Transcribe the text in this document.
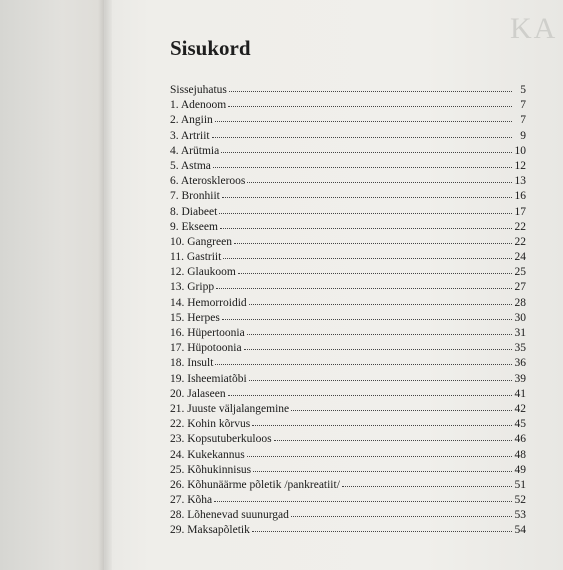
KA
Sisukord
Sissejuhatus	5
1. Adenoom	7
2. Angiin	7
3. Artriit	9
4. Arütmia	10
5. Astma	12
6. Ateroskleroos	13
7. Bronhiit	16
8. Diabeet	17
9. Ekseem	22
10. Gangreen	22
11. Gastriit	24
12. Glaukoom	25
13. Gripp	27
14. Hemorroidid	28
15. Herpes	30
16. Hüpertoonia	31
17. Hüpotoonia	35
18. Insult	36
19. Isheemiatõbi	39
20. Jalaseen	41
21. Juuste väljalangemine	42
22. Kohin kõrvus	45
23. Kopsutuberkuloos	46
24. Kukekannus	48
25. Kõhukinnisus	49
26. Kõhunäärme põletik /pankreatiit/	51
27. Kõha	52
28. Lõhenevad suunurgad	53
29. Maksapõletik	54
